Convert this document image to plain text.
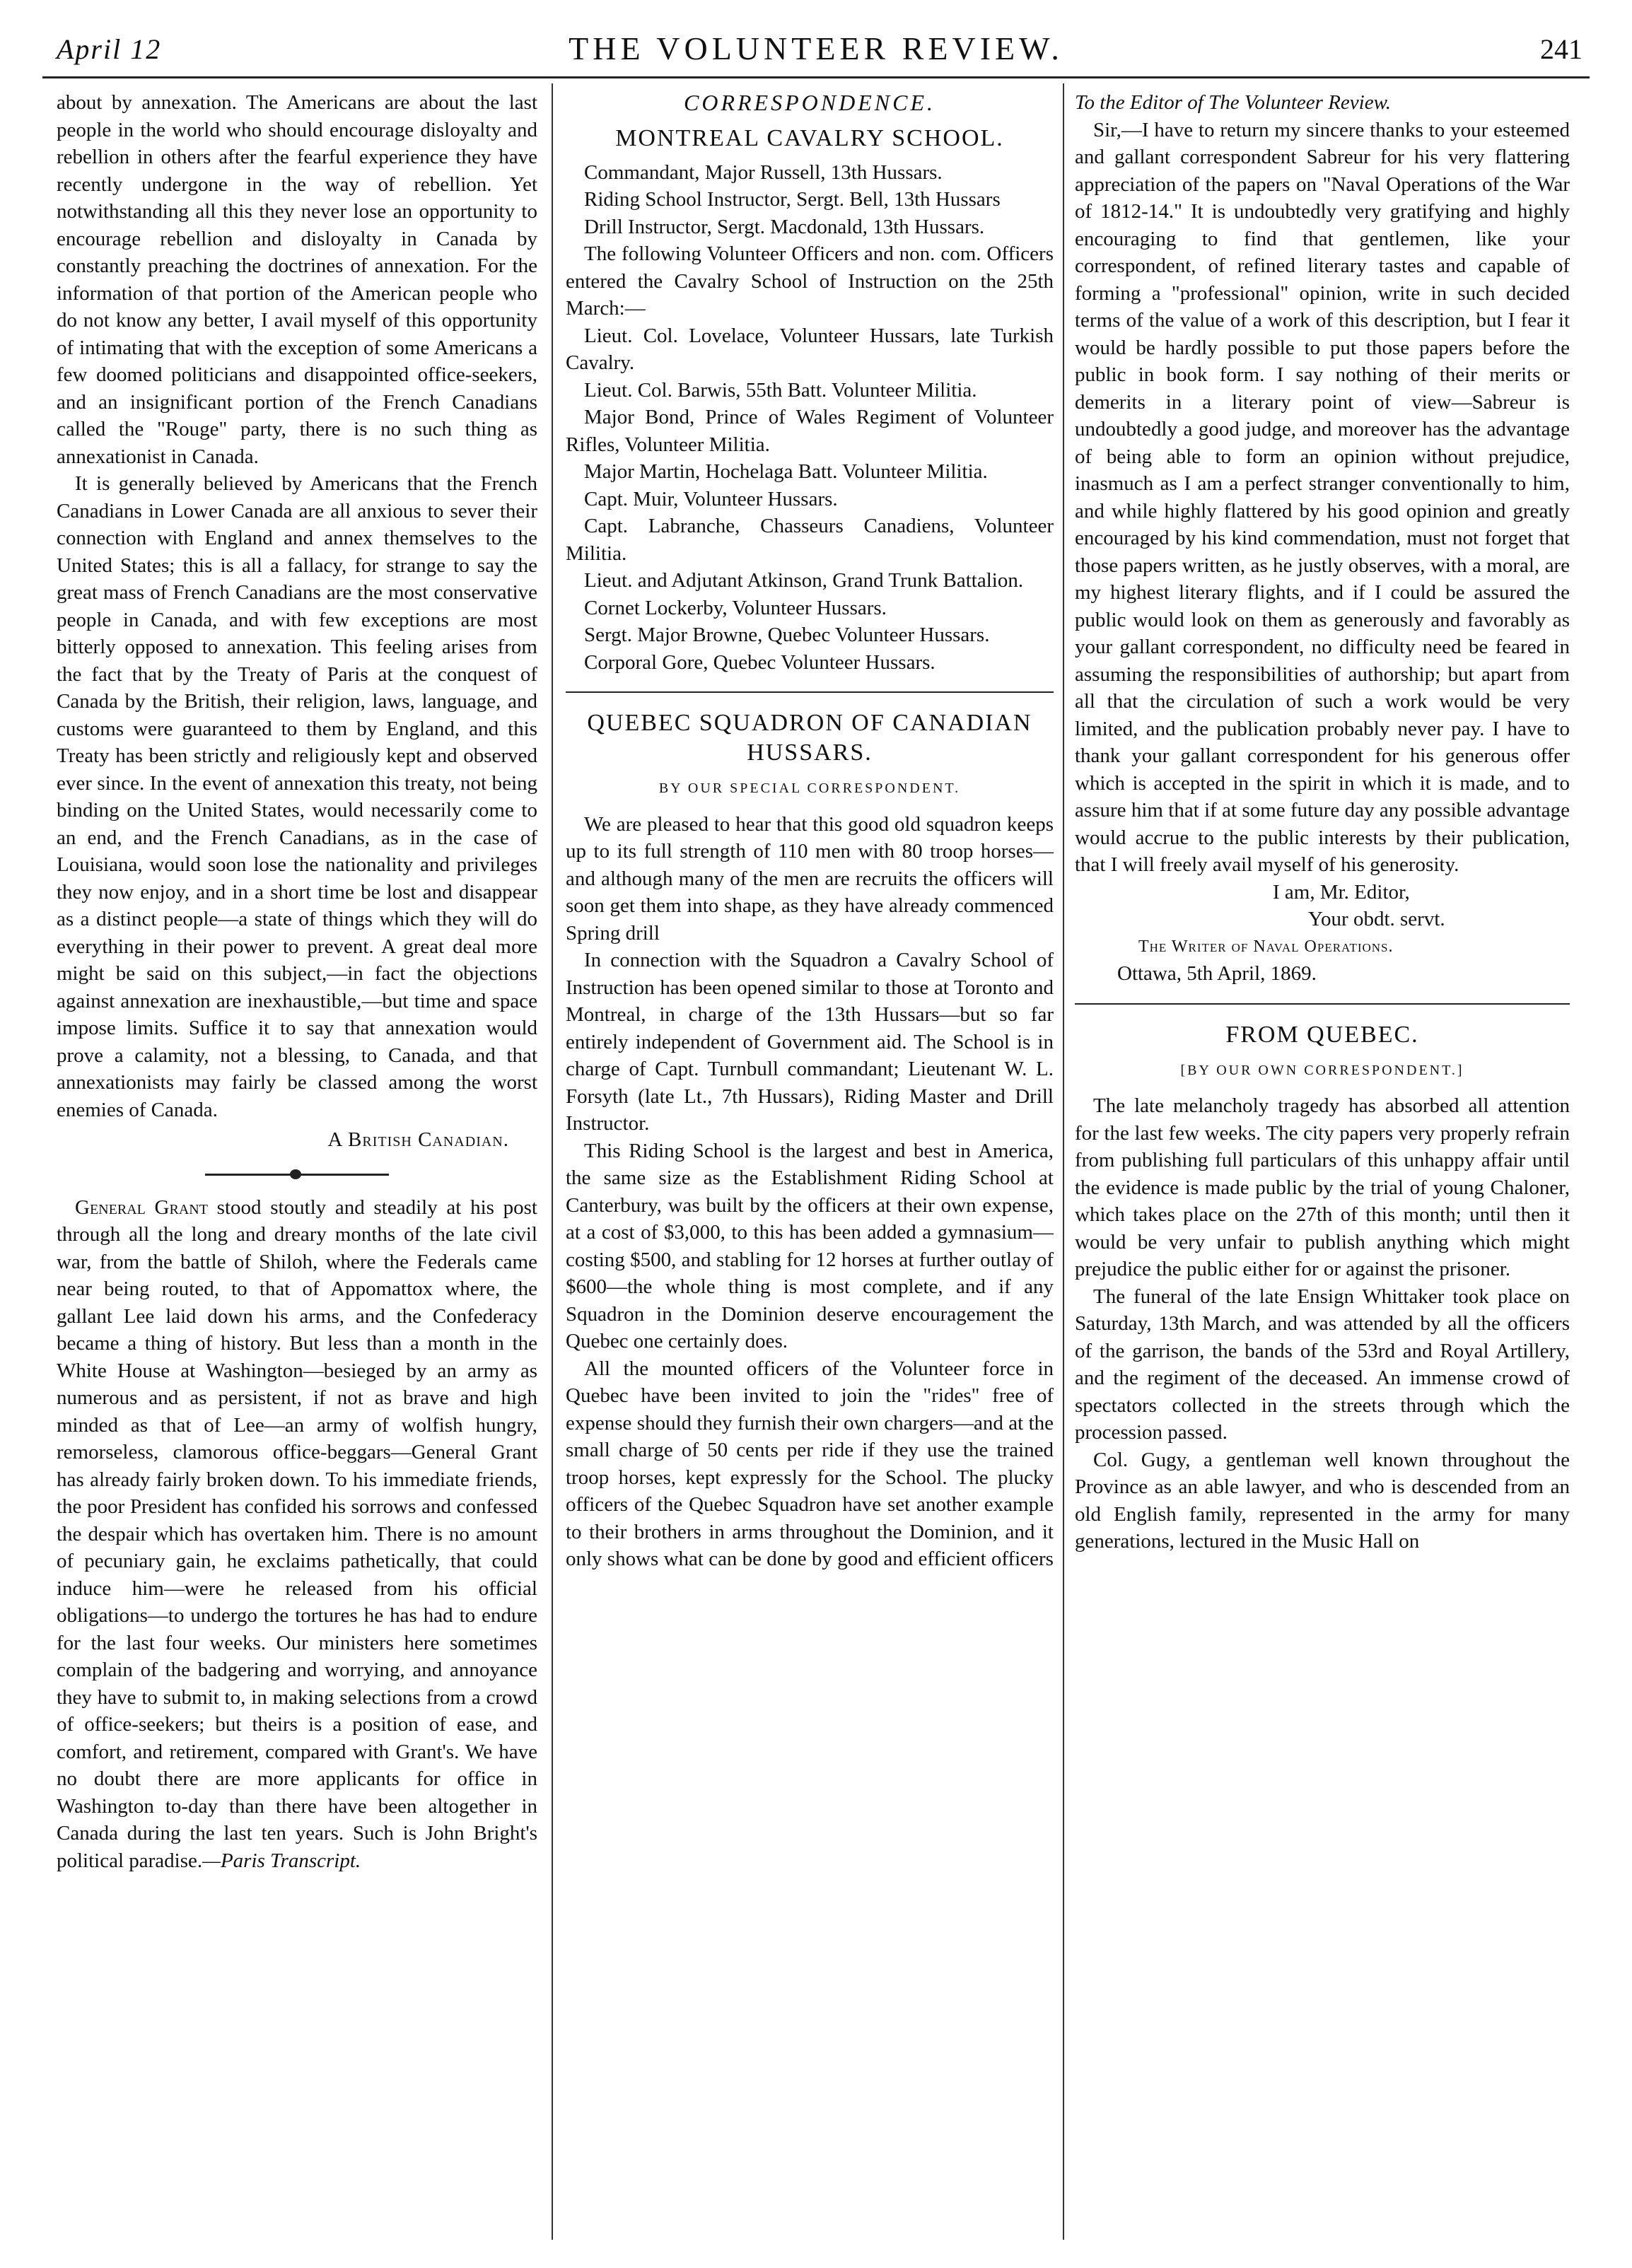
April 12	THE VOLUNTEER REVIEW.	241

about by annexation. The Americans are about the last people in the world who should encourage disloyalty and rebellion in others after the fearful experience they have recently undergone in the way of rebellion. Yet notwithstanding all this they never lose an opportunity to encourage rebellion and disloyalty in Canada by constantly preaching the doctrines of annexation. For the information of that portion of the American people who do not know any better, I avail myself of this opportunity of intimating that with the exception of some Americans a few doomed politicians and disappointed office-seekers, and an insignificant portion of the French Canadians called the "Rouge" party, there is no such thing as annexationist in Canada.

It is generally believed by Americans that the French Canadians in Lower Canada are all anxious to sever their connection with England and annex themselves to the United States; this is all a fallacy, for strange to say the great mass of French Canadians are the most conservative people in Canada, and with few exceptions are most bitterly opposed to annexation. This feeling arises from the fact that by the Treaty of Paris at the conquest of Canada by the British, their religion, laws, language, and customs were guaranteed to them by England, and this Treaty has been strictly and religiously kept and observed ever since. In the event of annexation this treaty, not being binding on the United States, would necessarily come to an end, and the French Canadians, as in the case of Louisiana, would soon lose the nationality and privileges they now enjoy, and in a short time be lost and disappear as a distinct people—a state of things which they will do everything in their power to prevent. A great deal more might be said on this subject,—in fact the objections against annexation are inexhaustible,—but time and space impose limits. Suffice it to say that annexation would prove a calamity, not a blessing, to Canada, and that annexationists may fairly be classed among the worst enemies of Canada.

A British Canadian.

General Grant stood stoutly and steadily at his post through all the long and dreary months of the late civil war, from the battle of Shiloh, where the Federals came near being routed, to that of Appomattox where, the gallant Lee laid down his arms, and the Confederacy became a thing of history. But less than a month in the White House at Washington—besieged by an army as numerous and as persistent, if not as brave and high minded as that of Lee—an army of wolfish hungry, remorseless, clamorous office-beggars—General Grant has already fairly broken down. To his immediate friends, the poor President has confided his sorrows and confessed the despair which has overtaken him. There is no amount of pecuniary gain, he exclaims pathetically, that could induce him—were he released from his official obligations—to undergo the tortures he has had to endure for the last four weeks. Our ministers here sometimes complain of the badgering and worrying, and annoyance they have to submit to, in making selections from a crowd of office-seekers; but theirs is a position of ease, and comfort, and retirement, compared with Grant's. We have no doubt there are more applicants for office in Washington to-day than there have been altogether in Canada during the last ten years. Such is John Bright's political paradise.—Paris Transcript.

CORRESPONDENCE.
MONTREAL CAVALRY SCHOOL.

Commandant, Major Russell, 13th Hussars.

Riding School Instructor, Sergt. Bell, 13th Hussars

Drill Instructor, Sergt. Macdonald, 13th Hussars.

The following Volunteer Officers and non. com. Officers entered the Cavalry School of Instruction on the 25th March:—

Lieut. Col. Lovelace, Volunteer Hussars, late Turkish Cavalry.

Lieut. Col. Barwis, 55th Batt. Volunteer Militia.

Major Bond, Prince of Wales Regiment of Volunteer Rifles, Volunteer Militia.

Major Martin, Hochelaga Batt. Volunteer Militia.

Capt. Muir, Volunteer Hussars.

Capt. Labranche, Chasseurs Canadiens, Volunteer Militia.

Lieut. and Adjutant Atkinson, Grand Trunk Battalion.

Cornet Lockerby, Volunteer Hussars.

Sergt. Major Browne, Quebec Volunteer Hussars.

Corporal Gore, Quebec Volunteer Hussars.

QUEBEC SQUADRON OF CANADIAN HUSSARS.
BY OUR SPECIAL CORRESPONDENT.

We are pleased to hear that this good old squadron keeps up to its full strength of 110 men with 80 troop horses—and although many of the men are recruits the officers will soon get them into shape, as they have already commenced Spring drill

In connection with the Squadron a Cavalry School of Instruction has been opened similar to those at Toronto and Montreal, in charge of the 13th Hussars—but so far entirely independent of Government aid. The School is in charge of Capt. Turnbull commandant; Lieutenant W. L. Forsyth (late Lt., 7th Hussars), Riding Master and Drill Instructor.

This Riding School is the largest and best in America, the same size as the Establishment Riding School at Canterbury, was built by the officers at their own expense, at a cost of $3,000, to this has been added a gymnasium—costing $500, and stabling for 12 horses at further outlay of $600—the whole thing is most complete, and if any Squadron in the Dominion deserve encouragement the Quebec one certainly does.

All the mounted officers of the Volunteer force in Quebec have been invited to join the "rides" free of expense should they furnish their own chargers—and at the small charge of 50 cents per ride if they use the trained troop horses, kept expressly for the School. The plucky officers of the Quebec Squadron have set another example to their brothers in arms throughout the Dominion, and it only shows what can be done by good and efficient officers

To the Editor of The Volunteer Review.

Sir,—I have to return my sincere thanks to your esteemed and gallant correspondent Sabreur for his very flattering appreciation of the papers on "Naval Operations of the War of 1812-14." It is undoubtedly very gratifying and highly encouraging to find that gentlemen, like your correspondent, of refined literary tastes and capable of forming a "professional" opinion, write in such decided terms of the value of a work of this description, but I fear it would be hardly possible to put those papers before the public in book form. I say nothing of their merits or demerits in a literary point of view—Sabreur is undoubtedly a good judge, and moreover has the advantage of being able to form an opinion without prejudice, inasmuch as I am a perfect stranger conventionally to him, and while highly flattered by his good opinion and greatly encouraged by his kind commendation, must not forget that those papers written, as he justly observes, with a moral, are my highest literary flights, and if I could be assured the public would look on them as generously and favorably as your gallant correspondent, no difficulty need be feared in assuming the responsibilities of authorship; but apart from all that the circulation of such a work would be very limited, and the publication probably never pay. I have to thank your gallant correspondent for his generous offer which is accepted in the spirit in which it is made, and to assure him that if at some future day any possible advantage would accrue to the public interests by their publication, that I will freely avail myself of his generosity.

I am, Mr. Editor,

Your obdt. servt.

The Writer of Naval Operations.

Ottawa, 5th April, 1869.

FROM QUEBEC.
[BY OUR OWN CORRESPONDENT.]

The late melancholy tragedy has absorbed all attention for the last few weeks. The city papers very properly refrain from publishing full particulars of this unhappy affair until the evidence is made public by the trial of young Chaloner, which takes place on the 27th of this month; until then it would be very unfair to publish anything which might prejudice the public either for or against the prisoner.

The funeral of the late Ensign Whittaker took place on Saturday, 13th March, and was attended by all the officers of the garrison, the bands of the 53rd and Royal Artillery, and the regiment of the deceased. An immense crowd of spectators collected in the streets through which the procession passed.

Col. Gugy, a gentleman well known throughout the Province as an able lawyer, and who is descended from an old English family, represented in the army for many generations, lectured in the Music Hall on
